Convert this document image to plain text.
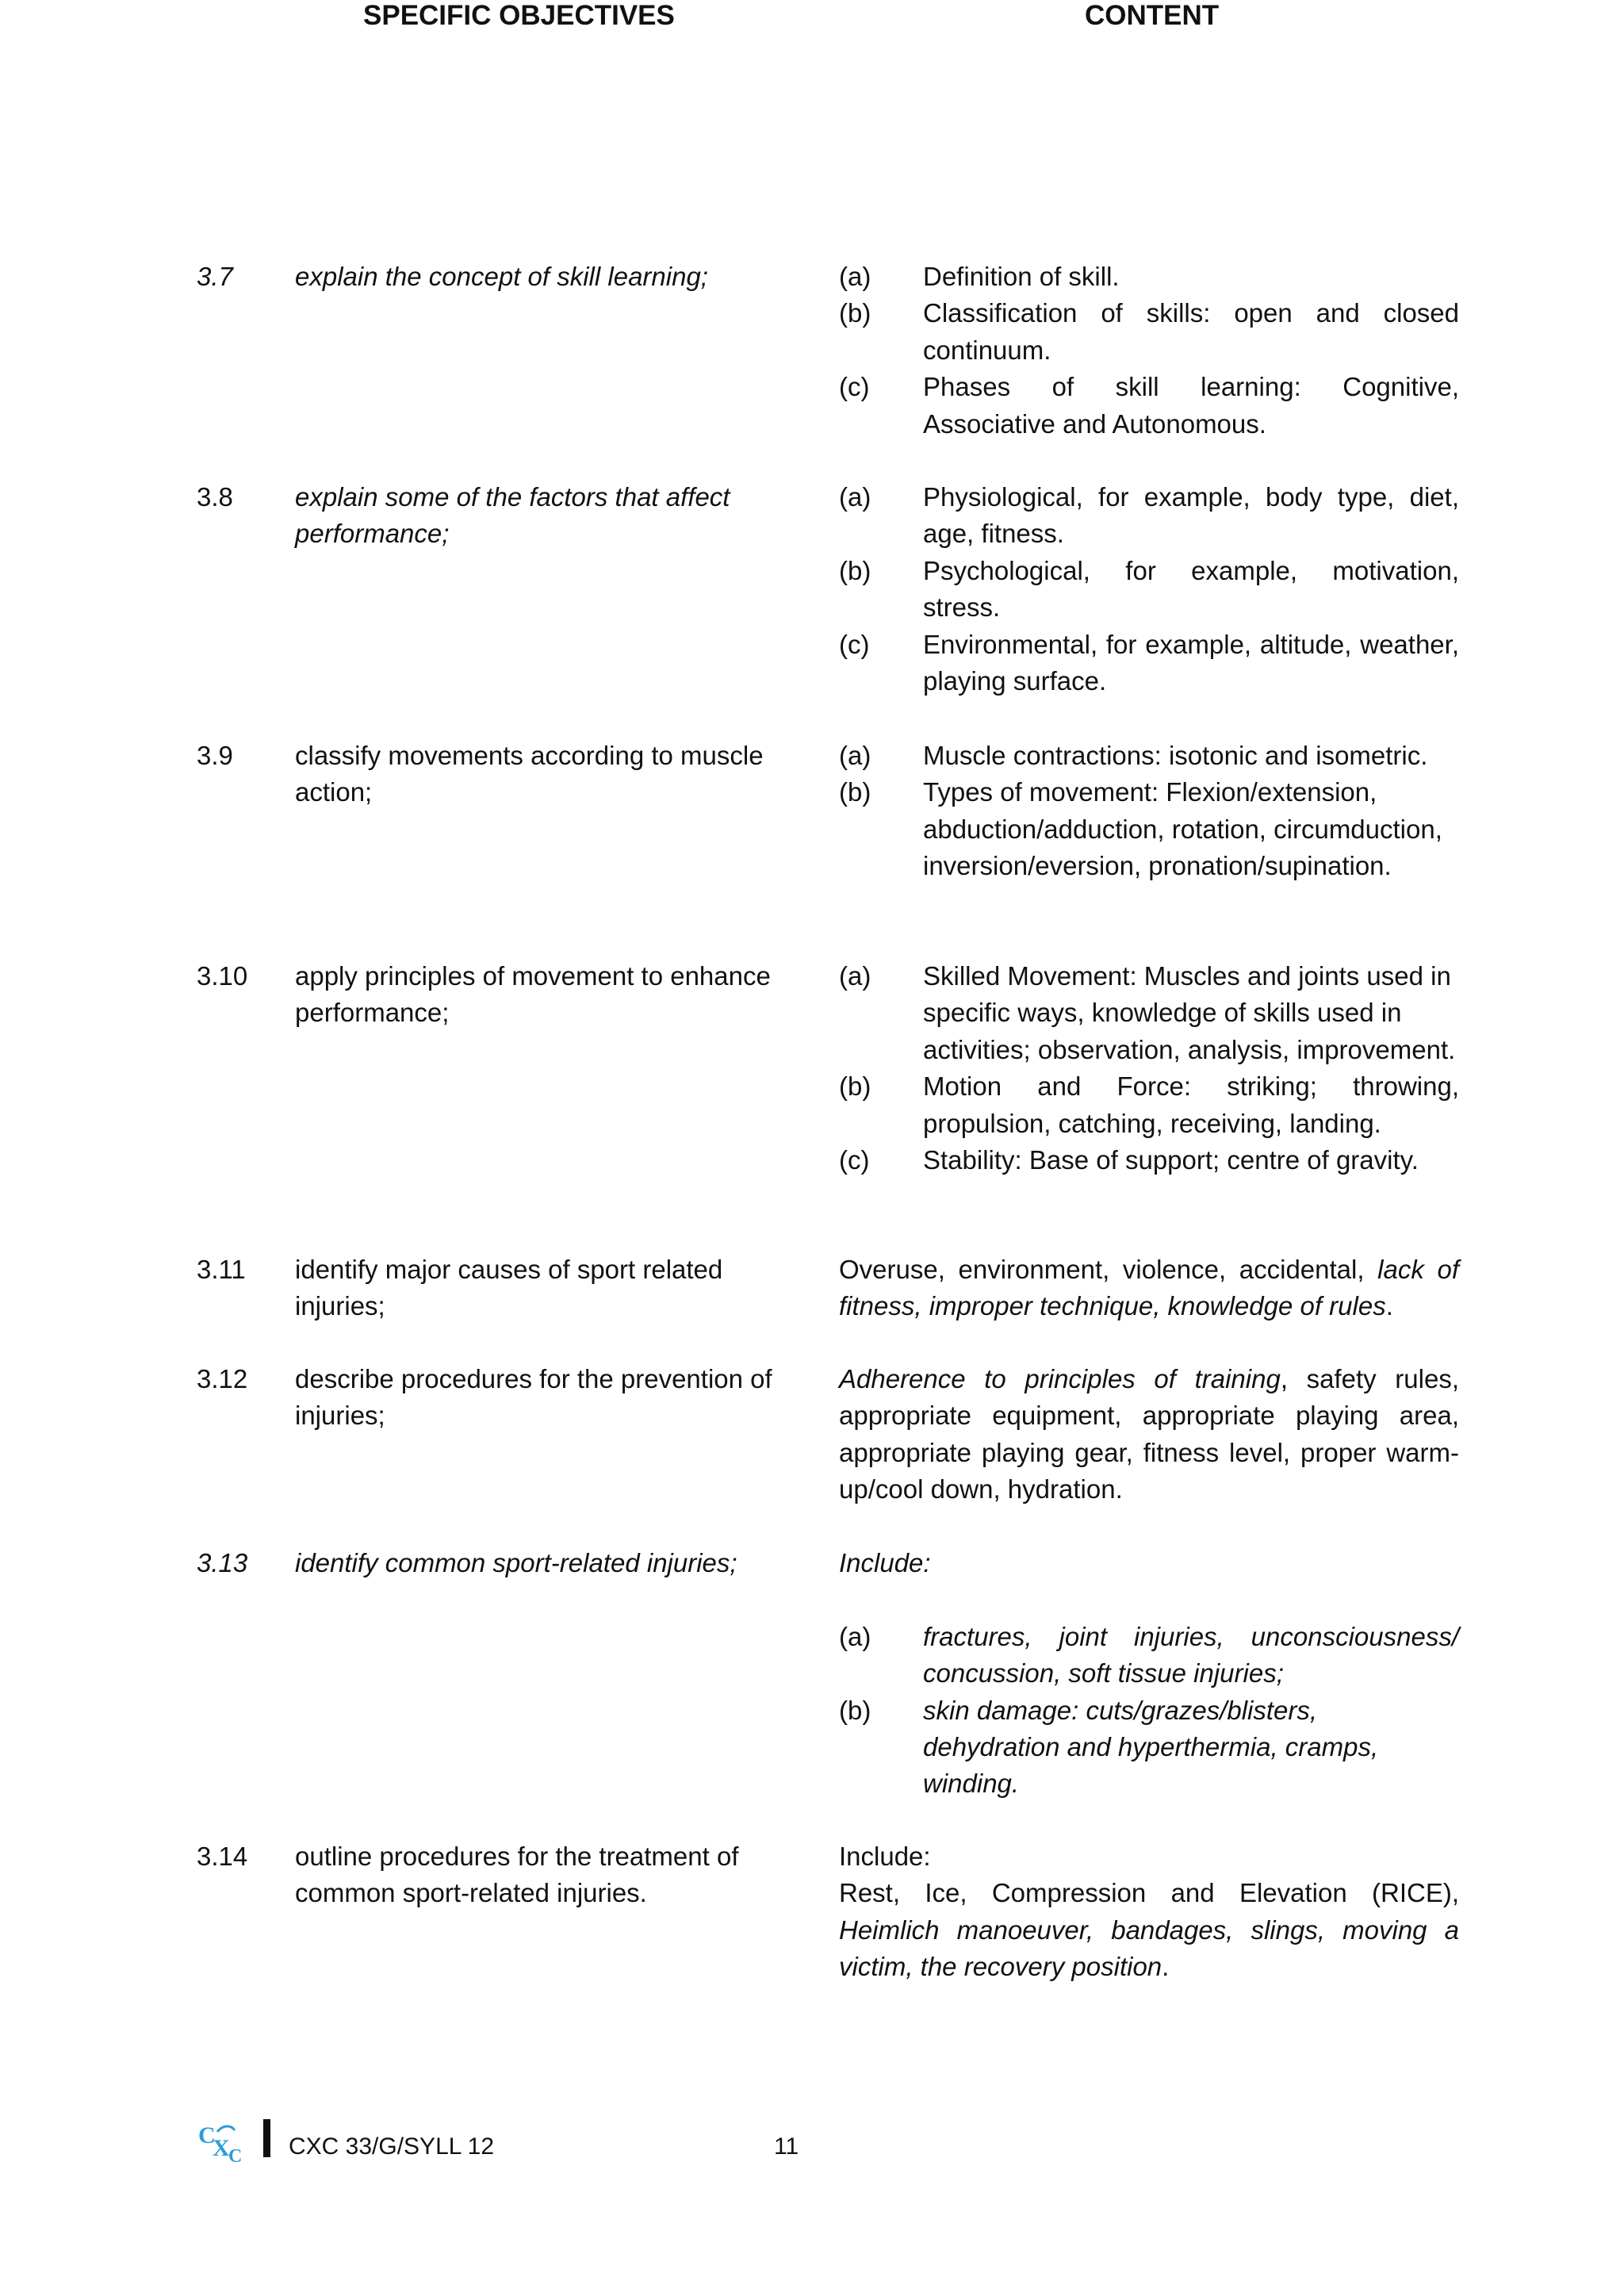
SPECIFIC OBJECTIVES	CONTENT
3.7	explain the concept of skill learning;	(a)	Definition of skill.
(b)	Classification of skills: open and closed continuum.
(c)	Phases of skill learning: Cognitive, Associative and Autonomous.
3.8	explain some of the factors that affect performance;
(a)	Physiological, for example, body type, diet, age, fitness.
(b)	Psychological, for example, motivation, stress.
(c)	Environmental, for example, altitude, weather, playing surface.
3.9	classify movements according to muscle action;
(a)	Muscle contractions: isotonic and isometric.
(b)	Types of movement: Flexion/extension, abduction/adduction, rotation, circumduction, inversion/eversion, pronation/supination.
3.10	apply principles of movement to enhance performance;
(a)	Skilled Movement: Muscles and joints used in specific ways, knowledge of skills used in activities; observation, analysis, improvement.
(b)	Motion and Force: striking; throwing, propulsion, catching, receiving, landing.
(c)	Stability: Base of support; centre of gravity.
3.11	identify major causes of sport related injuries;
Overuse, environment, violence, accidental, lack of fitness, improper technique, knowledge of rules.
3.12	describe procedures for the prevention of injuries;
Adherence to principles of training, safety rules, appropriate equipment, appropriate playing area, appropriate playing gear, fitness level, proper warm-up/cool down, hydration.
3.13	identify common sport-related injuries;	Include:
(a)	fractures, joint injuries, unconsciousness/ concussion, soft tissue injuries;
(b)	skin damage: cuts/grazes/blisters, dehydration and hyperthermia, cramps, winding.
3.14	outline procedures for the treatment of common sport-related injuries.
Include:
Rest, Ice, Compression and Elevation (RICE), Heimlich manoeuver, bandages, slings, moving a victim, the recovery position.
C
X
C CXC 33/G/SYLL 12	11
